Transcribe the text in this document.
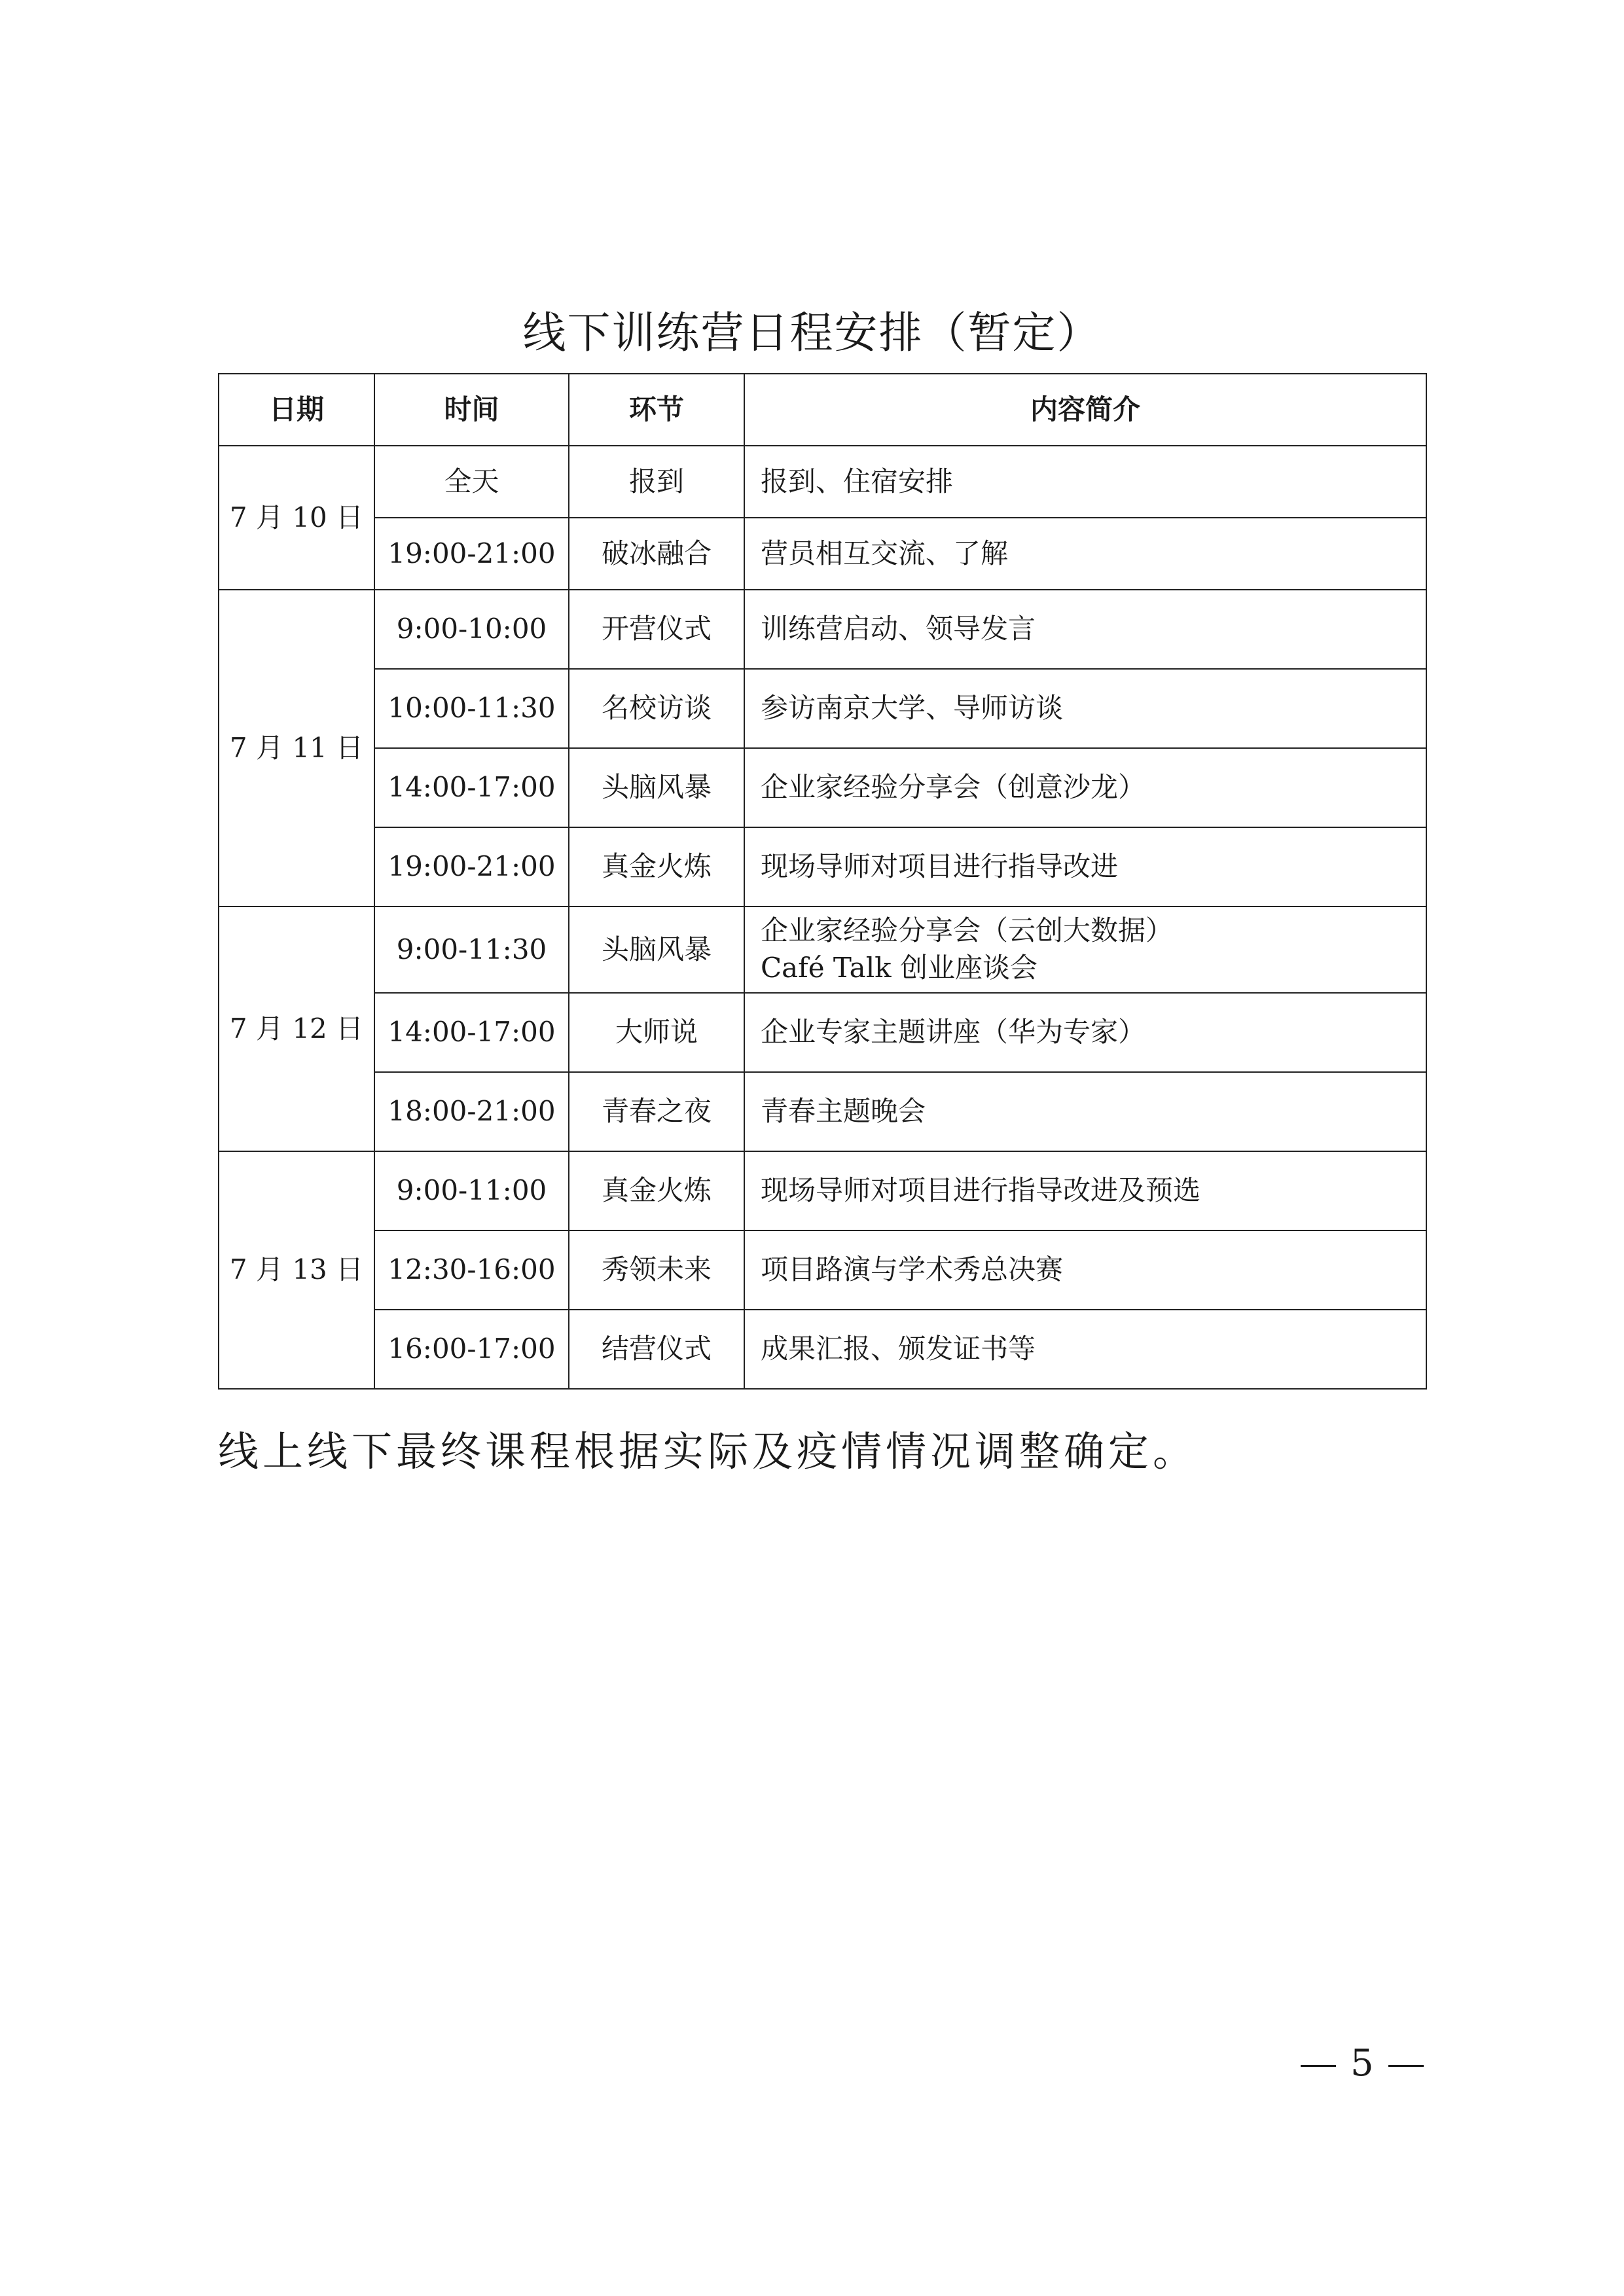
线下训练营日程安排（暂定）
日期	时间	环节	内容简介
7 月 10 日	全天	报到	报到、住宿安排
	19:00-21:00	破冰融合	营员相互交流、了解
7 月 11 日	9:00-10:00	开营仪式	训练营启动、领导发言
	10:00-11:30	名校访谈	参访南京大学、导师访谈
	14:00-17:00	头脑风暴	企业家经验分享会（创意沙龙）
	19:00-21:00	真金火炼	现场导师对项目进行指导改进
7 月 12 日	9:00-11:30	头脑风暴	企业家经验分享会（云创大数据）
Café Talk 创业座谈会

	14:00-17:00	大师说	企业专家主题讲座（华为专家）
	18:00-21:00	青春之夜	青春主题晚会
7 月 13 日	9:00-11:00	真金火炼	现场导师对项目进行指导改进及预选
	12:30-16:00	秀领未来	项目路演与学术秀总决赛
	16:00-17:00	结营仪式	成果汇报、颁发证书等

线上线下最终课程根据实际及疫情情况调整确定。

5
